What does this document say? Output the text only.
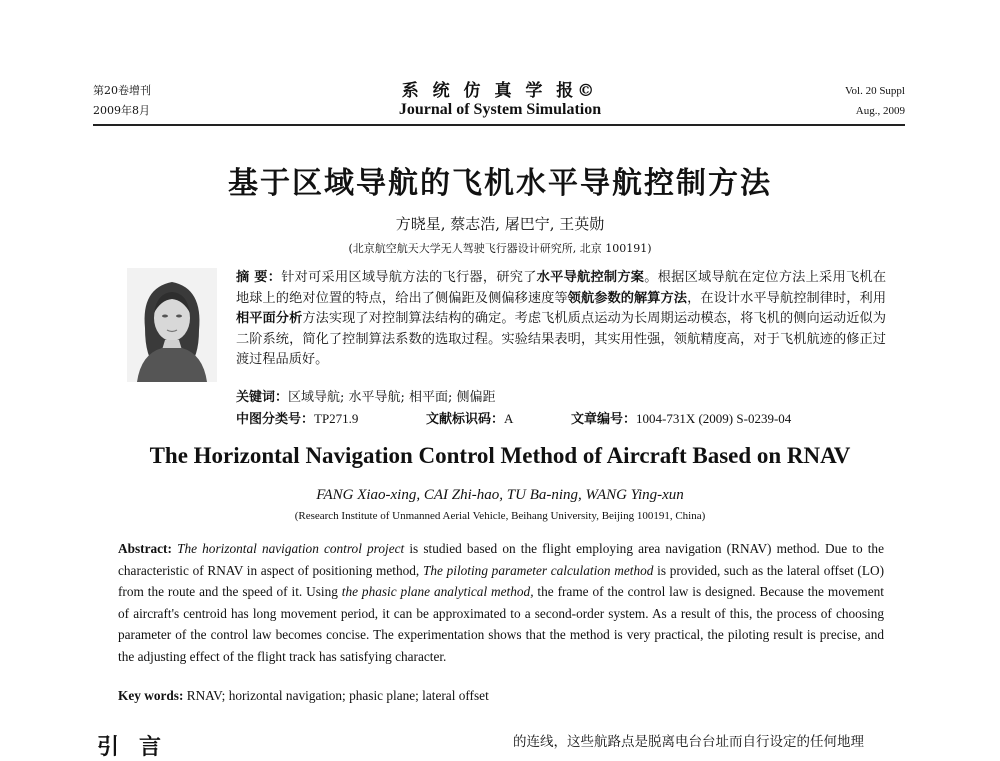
第20卷增刊
2009年8月
系 统 仿 真 学 报©
Journal of System Simulation
Vol. 20 Suppl
Aug., 2009
基于区域导航的飞机水平导航控制方法
方晓星, 蔡志浩, 屠巴宁, 王英勋
(北京航空航天大学无人驾驶飞行器设计研究所, 北京 100191)
摘 要：针对可采用区域导航方法的飞行器，研究了水平导航控制方案。根据区域导航在定位方法上采用飞机在地球上的绝对位置的特点，给出了侧偏距及侧偏移速度等领航参数的解算方法，在设计水平导航控制律时，利用相平面分析方法实现了对控制算法结构的确定。考虑飞机质点运动为长周期运动模态，将飞机的侧向运动近似为二阶系统，简化了控制算法系数的选取过程。实验结果表明，其实用性强，领航精度高，对于飞机航迹的修正过渡过程品质好。
关键词：区域导航; 水平导航; 相平面; 侧偏距
中图分类号：TP271.9	文献标识码：A	文章编号：1004-731X (2009) S-0239-04
The Horizontal Navigation Control Method of Aircraft Based on RNAV
FANG Xiao-xing, CAI Zhi-hao, TU Ba-ning, WANG Ying-xun
(Research Institute of Unmanned Aerial Vehicle, Beihang University, Beijing 100191, China)
Abstract: The horizontal navigation control project is studied based on the flight employing area navigation (RNAV) method. Due to the characteristic of RNAV in aspect of positioning method, The piloting parameter calculation method is provided, such as the lateral offset (LO) from the route and the speed of it. Using the phasic plane analytical method, the frame of the control law is designed. Because the movement of aircraft's centroid has long movement period, it can be approximated to a second-order system. As a result of this, the process of choosing parameter of the control law becomes concise. The experimentation shows that the method is very practical, the piloting result is precise, and the adjusting effect of the flight track has satisfying character.
Key words: RNAV; horizontal navigation; phasic plane; lateral offset
引言	的连线，这些航路点是脱离电台台址而自行设定的任何地理
